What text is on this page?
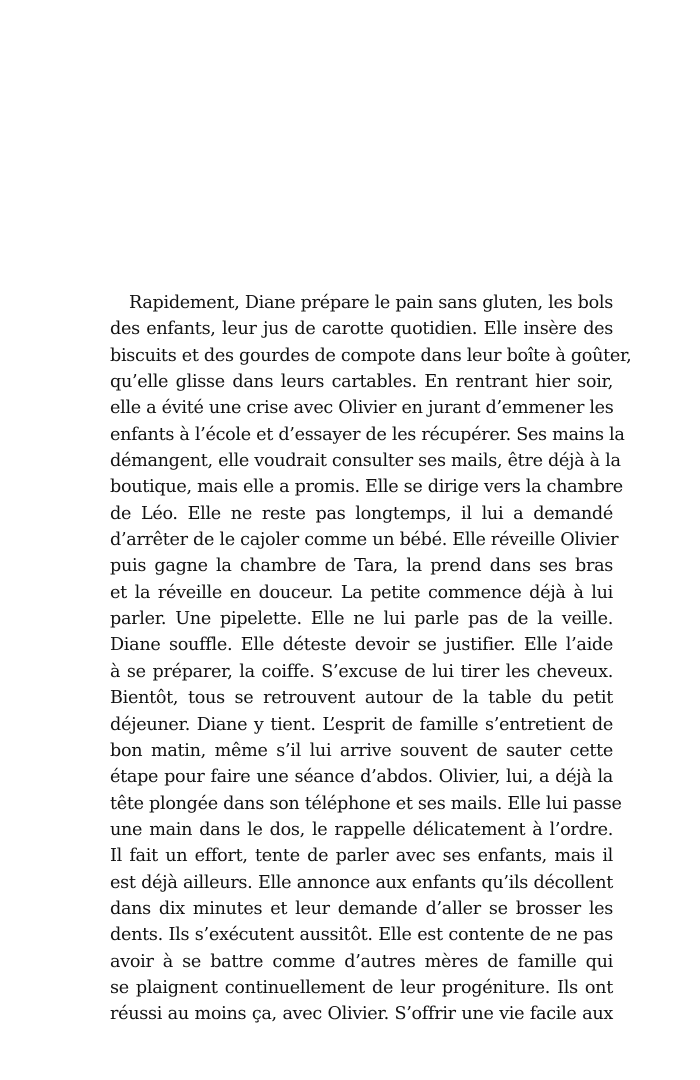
Rapidement, Diane prépare le pain sans gluten, les bols
des enfants, leur jus de carotte quotidien. Elle insère des
biscuits et des gourdes de compote dans leur boîte à goûter,
qu’elle glisse dans leurs cartables. En rentrant hier soir,
elle a évité une crise avec Olivier en jurant d’emmener les
enfants à l’école et d’essayer de les récupérer. Ses mains la
démangent, elle voudrait consulter ses mails, être déjà à la
boutique, mais elle a promis. Elle se dirige vers la chambre
de Léo. Elle ne reste pas longtemps, il lui a demandé
d’arrêter de le cajoler comme un bébé. Elle réveille Olivier
puis gagne la chambre de Tara, la prend dans ses bras
et la réveille en douceur. La petite commence déjà à lui
parler. Une pipelette. Elle ne lui parle pas de la veille.
Diane souffle. Elle déteste devoir se justifier. Elle l’aide
à se préparer, la coiffe. S’excuse de lui tirer les cheveux.
Bientôt, tous se retrouvent autour de la table du petit
déjeuner. Diane y tient. L’esprit de famille s’entretient de
bon matin, même s’il lui arrive souvent de sauter cette
étape pour faire une séance d’abdos. Olivier, lui, a déjà la
tête plongée dans son téléphone et ses mails. Elle lui passe
une main dans le dos, le rappelle délicatement à l’ordre.
Il fait un effort, tente de parler avec ses enfants, mais il
est déjà ailleurs. Elle annonce aux enfants qu’ils décollent
dans dix minutes et leur demande d’aller se brosser les
dents. Ils s’exécutent aussitôt. Elle est contente de ne pas
avoir à se battre comme d’autres mères de famille qui
se plaignent continuellement de leur progéniture. Ils ont
réussi au moins ça, avec Olivier. S’offrir une vie facile aux
